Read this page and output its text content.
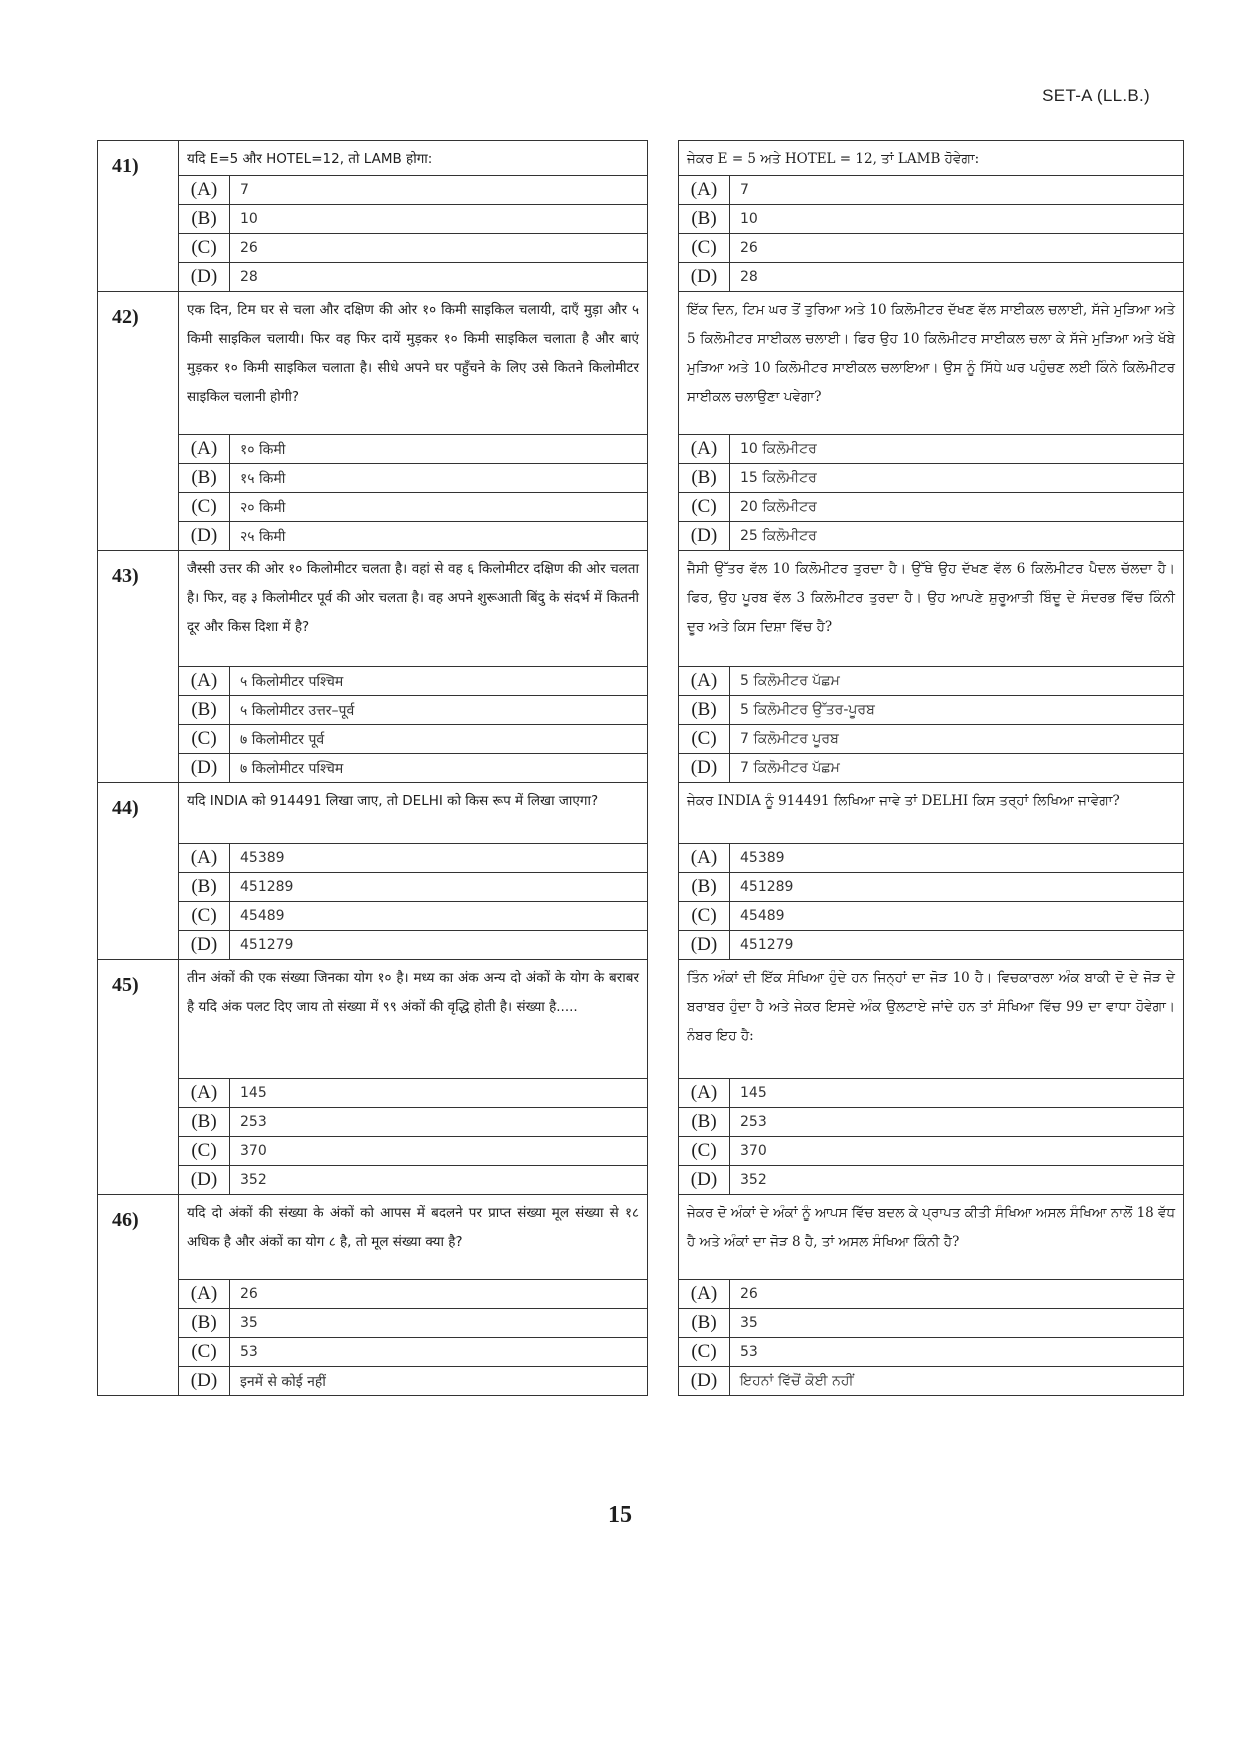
SET-A (LL.B.)
41)	यदि E=5 और HOTEL=12, तो LAMB होगा:
(A)	7
(B)	10
(C)	26
(D)	28
ਜੇਕਰ E = 5 ਅਤੇ HOTEL = 12, ਤਾਂ LAMB ਹੋਵੇਗਾ:
(A)	7
(B)	10
(C)	26
(D)	28
42)	एक दिन, टिम घर से चला और दक्षिण की ओर १० किमी साइकिल चलायी, दाएँ मुड़ा और ५ किमी साइकिल चलायी। फिर वह फिर दायें मुड़कर १० किमी साइकिल चलाता है और बाएं मुड़कर १० किमी साइकिल चलाता है। सीधे अपने घर पहुँचने के लिए उसे कितने किलोमीटर साइकिल चलानी होगी?
(A)	१० किमी
(B)	१५ किमी
(C)	२० किमी
(D)	२५ किमी
ਇੱਕ ਦਿਨ, ਟਿਮ ਘਰ ਤੋਂ ਤੁਰਿਆ ਅਤੇ 10 ਕਿਲੋਮੀਟਰ ਦੱਖਣ ਵੱਲ ਸਾਈਕਲ ਚਲਾਈ, ਸੱਜੇ ਮੁੜਿਆ ਅਤੇ 5 ਕਿਲੋਮੀਟਰ ਸਾਈਕਲ ਚਲਾਈ। ਫਿਰ ਉਹ 10 ਕਿਲੋਮੀਟਰ ਸਾਈਕਲ ਚਲਾ ਕੇ ਸੱਜੇ ਮੁੜਿਆ ਅਤੇ ਖੱਬੇ ਮੁੜਿਆ ਅਤੇ 10 ਕਿਲੋਮੀਟਰ ਸਾਈਕਲ ਚਲਾਇਆ। ਉਸ ਨੂੰ ਸਿੱਧੇ ਘਰ ਪਹੁੰਚਣ ਲਈ ਕਿੰਨੇ ਕਿਲੋਮੀਟਰ ਸਾਈਕਲ ਚਲਾਉਣਾ ਪਵੇਗਾ?
(A)	10 ਕਿਲੋਮੀਟਰ
(B)	15 ਕਿਲੋਮੀਟਰ
(C)	20 ਕਿਲੋਮੀਟਰ
(D)	25 ਕਿਲੋਮੀਟਰ
43)	जैस्सी उत्तर की ओर १० किलोमीटर चलता है। वहां से वह ६ किलोमीटर दक्षिण की ओर चलता है। फिर, वह ३ किलोमीटर पूर्व की ओर चलता है। वह अपने शुरूआती बिंदु के संदर्भ में कितनी दूर और किस दिशा में है?
(A)	५ किलोमीटर पश्चिम
(B)	५ किलोमीटर उत्तर–पूर्व
(C)	७ किलोमीटर पूर्व
(D)	७ किलोमीटर पश्चिम
ਜੈਸੀ ਉੱਤਰ ਵੱਲ 10 ਕਿਲੋਮੀਟਰ ਤੁਰਦਾ ਹੈ। ਉੱਥੇ ਉਹ ਦੱਖਣ ਵੱਲ 6 ਕਿਲੋਮੀਟਰ ਪੈਦਲ ਚੱਲਦਾ ਹੈ। ਫਿਰ, ਉਹ ਪੂਰਬ ਵੱਲ 3 ਕਿਲੋਮੀਟਰ ਤੁਰਦਾ ਹੈ। ਉਹ ਆਪਣੇ ਸ਼ੁਰੂਆਤੀ ਬਿੰਦੂ ਦੇ ਸੰਦਰਭ ਵਿੱਚ ਕਿੰਨੀ ਦੂਰ ਅਤੇ ਕਿਸ ਦਿਸ਼ਾ ਵਿੱਚ ਹੈ?
(A)	5 ਕਿਲੋਮੀਟਰ ਪੱਛਮ
(B)	5 ਕਿਲੋਮੀਟਰ ਉੱਤਰ-ਪੂਰਬ
(C)	7 ਕਿਲੋਮੀਟਰ ਪੂਰਬ
(D)	7 ਕਿਲੋਮੀਟਰ ਪੱਛਮ
44)	यदि INDIA को 914491 लिखा जाए, तो DELHI को किस रूप में लिखा जाएगा?
(A)	45389
(B)	451289
(C)	45489
(D)	451279
ਜੇਕਰ INDIA ਨੂੰ 914491 ਲਿਖਿਆ ਜਾਵੇ ਤਾਂ DELHI ਕਿਸ ਤਰ੍ਹਾਂ ਲਿਖਿਆ ਜਾਵੇਗਾ?
(A)	45389
(B)	451289
(C)	45489
(D)	451279
45)	तीन अंकों की एक संख्या जिनका योग १० है। मध्य का अंक अन्य दो अंकों के योग के बराबर है यदि अंक पलट दिए जाय तो संख्या में ९९ अंकों की वृद्धि होती है। संख्या है.....
(A)	145
(B)	253
(C)	370
(D)	352
ਤਿੰਨ ਅੰਕਾਂ ਦੀ ਇੱਕ ਸੰਖਿਆ ਹੁੰਦੇ ਹਨ ਜਿਨ੍ਹਾਂ ਦਾ ਜੋੜ 10 ਹੈ। ਵਿਚਕਾਰਲਾ ਅੰਕ ਬਾਕੀ ਦੋ ਦੇ ਜੋੜ ਦੇ ਬਰਾਬਰ ਹੁੰਦਾ ਹੈ ਅਤੇ ਜੇਕਰ ਇਸਦੇ ਅੰਕ ਉਲਟਾਏ ਜਾਂਦੇ ਹਨ ਤਾਂ ਸੰਖਿਆ ਵਿੱਚ 99 ਦਾ ਵਾਧਾ ਹੋਵੇਗਾ। ਨੰਬਰ ਇਹ ਹੈ:
(A)	145
(B)	253
(C)	370
(D)	352
46)	यदि दो अंकों की संख्या के अंकों को आपस में बदलने पर प्राप्त संख्या मूल संख्या से १८ अधिक है और अंकों का योग ८ है, तो मूल संख्या क्या है?
(A)	26
(B)	35
(C)	53
(D)	इनमें से कोई नहीं
ਜੇਕਰ ਦੋ ਅੰਕਾਂ ਦੇ ਅੰਕਾਂ ਨੂੰ ਆਪਸ ਵਿੱਚ ਬਦਲ ਕੇ ਪ੍ਰਾਪਤ ਕੀਤੀ ਸੰਖਿਆ ਅਸਲ ਸੰਖਿਆ ਨਾਲੋਂ 18 ਵੱਧ ਹੈ ਅਤੇ ਅੰਕਾਂ ਦਾ ਜੋੜ 8 ਹੈ, ਤਾਂ ਅਸਲ ਸੰਖਿਆ ਕਿੰਨੀ ਹੈ?
(A)	26
(B)	35
(C)	53
(D)	ਇਹਨਾਂ ਵਿੱਚੋਂ ਕੋਈ ਨਹੀਂ
15
